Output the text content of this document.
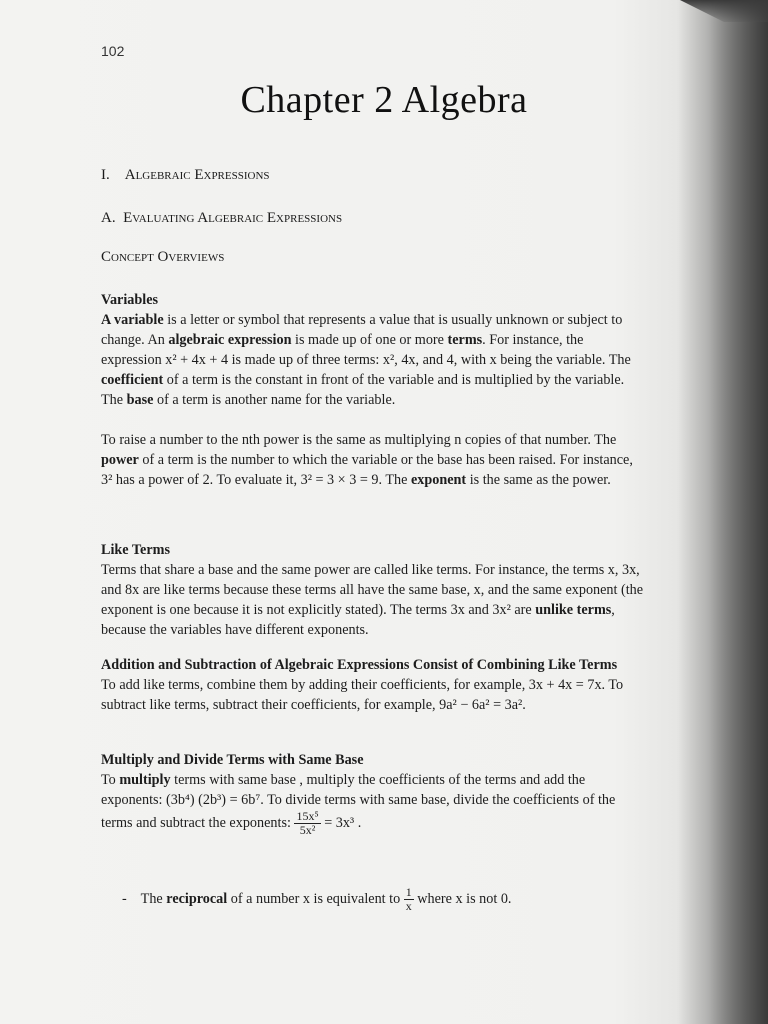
102
Chapter 2 Algebra
I. Algebraic Expressions
A. Evaluating Algebraic Expressions
Concept Overviews
Variables
A variable is a letter or symbol that represents a value that is usually unknown or subject to change. An algebraic expression is made up of one or more terms. For instance, the expression x² + 4x + 4 is made up of three terms: x², 4x, and 4, with x being the variable. The coefficient of a term is the constant in front of the variable and is multiplied by the variable. The base of a term is another name for the variable.
To raise a number to the nth power is the same as multiplying n copies of that number. The power of a term is the number to which the variable or the base has been raised. For instance, 3² has a power of 2. To evaluate it, 3² = 3 × 3 = 9. The exponent is the same as the power.
Like Terms
Terms that share a base and the same power are called like terms. For instance, the terms x, 3x, and 8x are like terms because these terms all have the same base, x, and the same exponent (the exponent is one because it is not explicitly stated). The terms 3x and 3x² are unlike terms, because the variables have different exponents.
Addition and Subtraction of Algebraic Expressions Consist of Combining Like Terms
To add like terms, combine them by adding their coefficients, for example, 3x + 4x = 7x. To subtract like terms, subtract their coefficients, for example, 9a² − 6a² = 3a².
Multiply and Divide Terms with Same Base
To multiply terms with same base , multiply the coefficients of the terms and add the exponents: (3b⁴) (2b³) = 6b⁷. To divide terms with same base, divide the coefficients of the terms and subtract the exponents: $\frac{\text{15x⁵}}{\text{5x²}} = 3x^3$ .
- The reciprocal of a number x is equivalent to $\frac{1}{x}$ where x is not 0.
